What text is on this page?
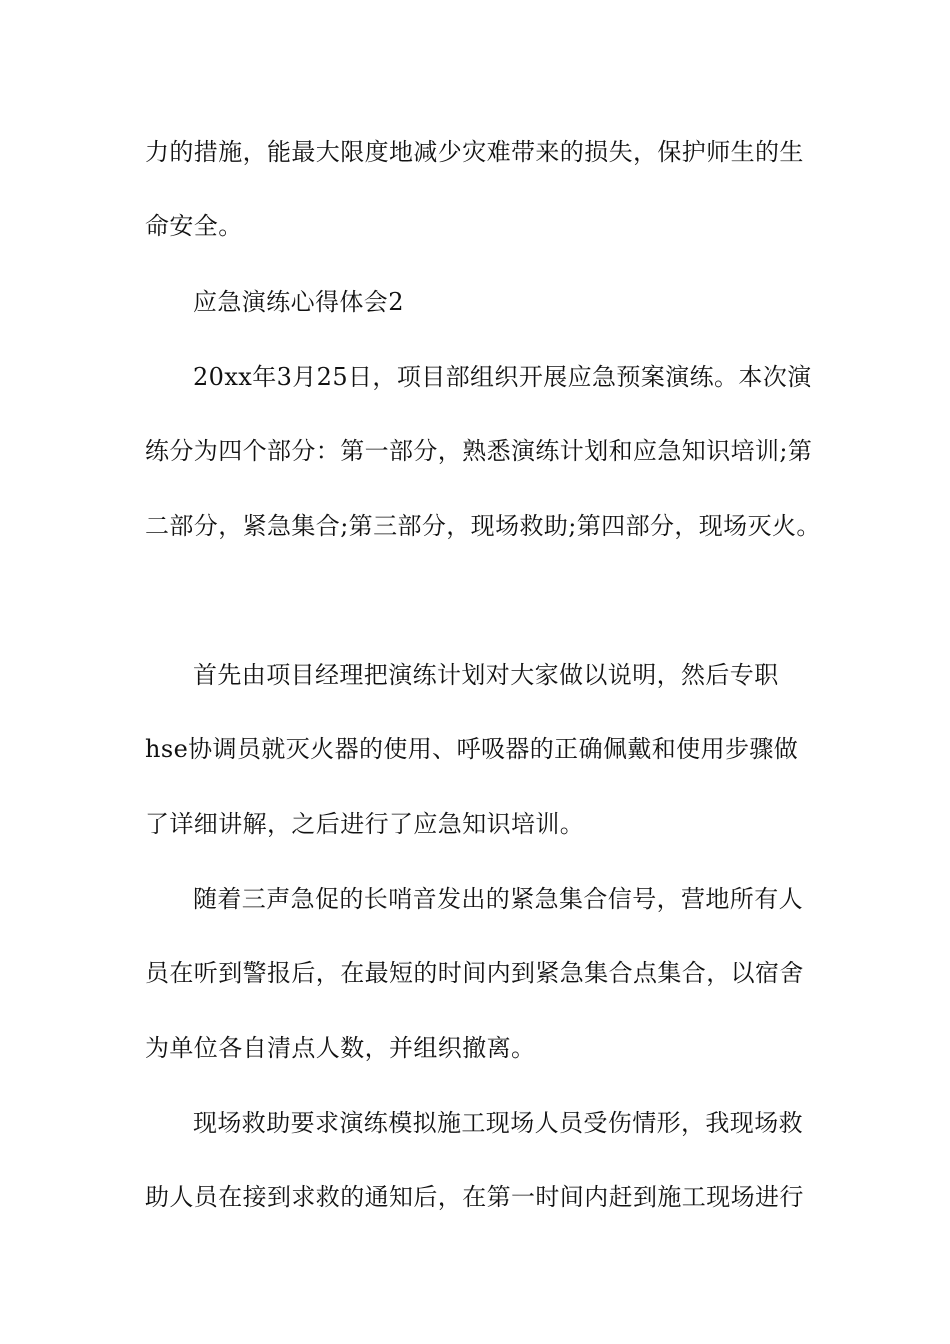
力的措施，能最大限度地减少灾难带来的损失，保护师生的生
命安全。
应急演练心得体会2
20xx年3月25日，项目部组织开展应急预案演练。本次演
练分为四个部分：第一部分，熟悉演练计划和应急知识培训;第
二部分，紧急集合;第三部分，现场救助;第四部分，现场灭火。
首先由项目经理把演练计划对大家做以说明，然后专职
hse协调员就灭火器的使用、呼吸器的正确佩戴和使用步骤做
了详细讲解，之后进行了应急知识培训。
随着三声急促的长哨音发出的紧急集合信号，营地所有人
员在听到警报后，在最短的时间内到紧急集合点集合，以宿舍
为单位各自清点人数，并组织撤离。
现场救助要求演练模拟施工现场人员受伤情形，我现场救
助人员在接到求救的通知后，在第一时间内赶到施工现场进行
